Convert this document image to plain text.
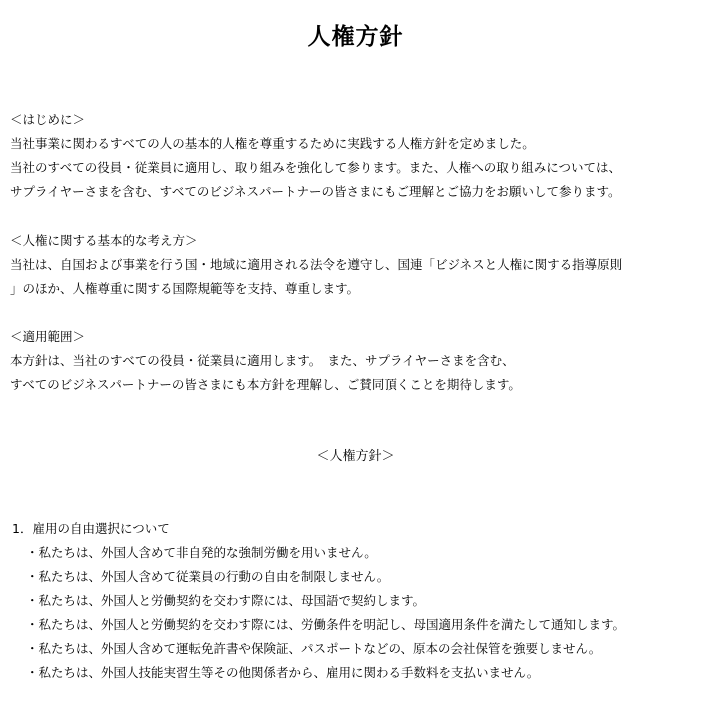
人権方針
＜はじめに＞
当社事業に関わるすべての人の基本的人権を尊重するために実践する人権方針を定めました。
当社のすべての役員・従業員に適用し、取り組みを強化して参ります。また、人権への取り組みについては、
サプライヤーさまを含む、すべてのビジネスパートナーの皆さまにもご理解とご協力をお願いして参ります。
＜人権に関する基本的な考え方＞
当社は、自国および事業を行う国・地域に適用される法令を遵守し、国連「ビジネスと人権に関する指導原則
」のほか、人権尊重に関する国際規範等を支持、尊重します。
＜適用範囲＞
本方針は、当社のすべての役員・従業員に適用します。　また、サプライヤーさまを含む、
すべてのビジネスパートナーの皆さまにも本方針を理解し、ご賛同頂くことを期待します。
＜人権方針＞
1．雇用の自由選択について
・私たちは、外国人含めて非自発的な強制労働を用いません。
・私たちは、外国人含めて従業員の行動の自由を制限しません。
・私たちは、外国人と労働契約を交わす際には、母国語で契約します。
・私たちは、外国人と労働契約を交わす際には、労働条件を明記し、母国適用条件を満たして通知します。
・私たちは、外国人含めて運転免許書や保険証、パスポートなどの、原本の会社保管を強要しません。
・私たちは、外国人技能実習生等その他関係者から、雇用に関わる手数料を支払いません。
